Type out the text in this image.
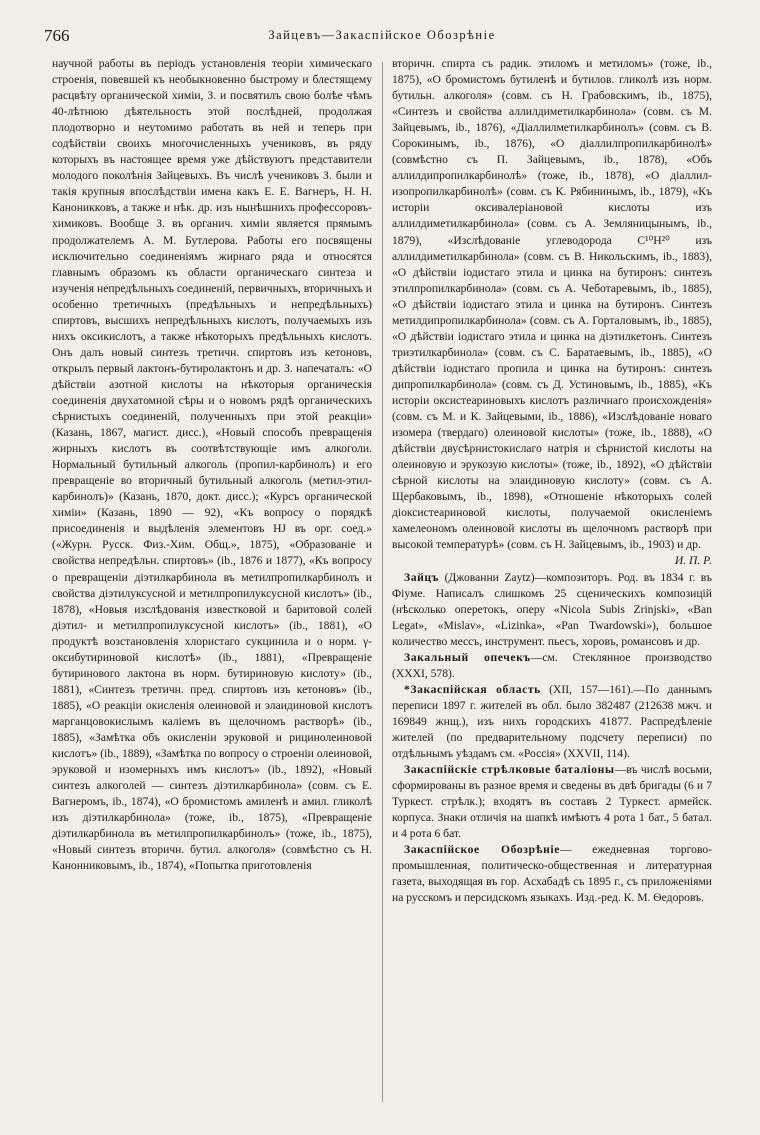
766	Зайцевъ—Закаспійское Обозрѣніе

научной работы въ періодъ установленія теоріи химическаго строенія, повевшей къ необыкновенно быстрому и блестящему расцвѣту органической химіи, З. и посвятилъ свою болѣе чѣмъ 40-лѣтнюю дѣятельность этой послѣдней, продолжая плодотворно и неутомимо работать въ ней и теперь при содѣйствіи своихъ многочисленныхъ учениковъ, въ ряду которыхъ въ настоящее время уже дѣйствуютъ представители молодого поколѣнія Зайцевыхъ. Въ числѣ учениковъ З. были и такія крупныя впослѣдствіи имена какъ Е. Е. Вагнеръ, Н. Н. Каноникковъ, а также и нѣк. др. изъ нынѣшнихъ профессоровъ-химиковъ. Вообще З. въ органич. химіи является прямымъ продолжателемъ А. М. Бутлерова. Работы его посвящены исключительно соединеніямъ жирнаго ряда и относятся главнымъ образомъ къ области органическаго синтеза и изученія непредѣльныхъ соединеній, первичныхъ, вторичныхъ и особенно третичныхъ (предѣльныхъ и непредѣльныхъ) спиртовъ, высшихъ непредѣльныхъ кислотъ, получаемыхъ изъ нихъ оксикислотъ, а также нѣкоторыхъ предѣльныхъ кислотъ. Онъ далъ новый синтезъ третичн. спиртовъ изъ кетоновъ, открылъ первый лактонъ-бутиролактонъ и др. З. напечаталъ: «О дѣйствіи азотной кислоты на нѣкоторыя органическія соединенія двухатомной сѣры и о новомъ рядѣ органическихъ сѣрнистыхъ соединеній, полученныхъ при этой реакціи» (Казань, 1867, магист. дисс.), «Новый способъ превращенія жирныхъ кислотъ въ соотвѣтствующіе имъ алкоголи. Нормальный бутильный алкоголь (пропил-карбинолъ) и его превращеніе во вторичный бутильный алкоголь (метил-этил-карбинолъ)» (Казань, 1870, докт. дисс.); «Курсъ органической химіи» (Казань, 1890 — 92), «Къ вопросу о порядкѣ присоединенія и выдѣленія элементовъ HJ въ орг. соед.» («Журн. Русск. Физ.-Хим. Общ.», 1875), «Образованіе и свойства непредѣльн. спиртовъ» (ib., 1876 и 1877), «Къ вопросу о превращеніи діэтилкарбинола въ метилпропилкарбинолъ и свойства діэтилуксусной и метилпропилуксусной кислотъ» (ib., 1878), «Новыя изслѣдованія известковой и баритовой солей діэтил- и метилпропилуксусной кислотъ» (ib., 1881), «О продуктѣ возстановленія хлористаго сукцинила и о норм. γ-оксибутириновой кислотѣ» (ib., 1881), «Превращеніе бутиринового лактона въ норм. бутириновую кислоту» (ib., 1881), «Синтезъ третичн. пред. спиртовъ изъ кетоновъ» (ib., 1885), «О реакціи окисленія олеиновой и элаидиновой кислотъ марганцовокислымъ каліемъ въ щелочномъ растворѣ» (ib., 1885), «Замѣтка объ окисленіи эруковой и рицинолеиновой кислотъ» (ib., 1889), «Замѣтка по вопросу о строеніи олеиновой, эруковой и изомерныхъ имъ кислотъ» (ib., 1892), «Новый синтезъ алкоголей — синтезъ діэтилкарбинола» (совм. съ Е. Вагнеромъ, ib., 1874), «О бромистомъ амиленѣ и амил. гликолѣ изъ діэтилкарбинола» (тоже, ib., 1875), «Превращеніе діэтилкарбинола въ метилпропилкарбинолъ» (тоже, ib., 1875), «Новый синтезъ вторичн. бутил. алкоголя» (совмѣстно съ Н. Канонниковымъ, ib., 1874), «Попытка приготовленія

вторичн. спирта съ радик. этиломъ и метиломъ» (тоже, ib., 1875), «О бромистомъ бутиленѣ и бутилов. гликолѣ изъ норм. бутильн. алкоголя» (совм. съ Н. Грабовскимъ, ib., 1875), «Синтезъ и свойства аллилдиметилкарбинола» (совм. съ М. Зайцевымъ, ib., 1876), «Діаллилметилкарбинолъ» (совм. съ В. Сорокинымъ, ib., 1876), «О діаллилпропилкарбинолѣ» (совмѣстно съ П. Зайцевымъ, ib., 1878), «Объ аллилдипропилкарбинолѣ» (тоже, ib., 1878), «О діаллил-изопропилкарбинолѣ» (совм. съ К. Рябининымъ, ib., 1879), «Къ исторіи оксивалеріановой кислоты изъ аллилдиметилкарбинола» (совм. съ А. Земляницынымъ, ib., 1879), «Изслѣдованіе углеводорода C¹⁰H²⁰ изъ аллилдиметилкарбинола» (совм. съ В. Никольскимъ, ib., 1883), «О дѣйствіи іодистаго этила и цинка на бутиронъ: синтезъ этилпропилкарбинола» (совм. съ А. Чеботаревымъ, ib., 1885), «О дѣйствіи іодистаго этила и цинка на бутиронъ. Синтезъ метилдипропилкарбинола» (совм. съ А. Горталовымъ, ib., 1885), «О дѣйствіи іодистаго этила и цинка на діэтилкетонъ. Синтезъ триэтилкарбинола» (совм. съ С. Баратаевымъ, ib., 1885), «О дѣйствіи іодистаго пропила и цинка на бутиронъ: синтезъ дипропилкарбинола» (совм. съ Д. Устиновымъ, ib., 1885), «Къ исторіи оксистеариновыхъ кислотъ различнаго происхожденія» (совм. съ М. и К. Зайцевыми, ib., 1886), «Изслѣдованіе новаго изомера (твердаго) олеиновой кислоты» (тоже, ib., 1888), «О дѣйствіи двусѣрнистокислаго натрія и сѣрнистой кислоты на олеиновую и эрукозую кислоты» (тоже, ib., 1892), «О дѣйствіи сѣрной кислоты на элаидиновую кислоту» (совм. съ А. Щербаковымъ, ib., 1898), «Отношеніе нѣкоторыхъ солей діоксистеариновой кислоты, получаемой окисленіемъ хамелеономъ олеиновой кислоты въ щелочномъ растворѣ при высокой температурѣ» (совм. съ Н. Зайцевымъ, ib., 1903) и др.
И. П. Р.

Зайцъ (Джованни Zaytz)—композиторъ. Род. въ 1834 г. въ Фіуме. Написалъ слишкомъ 25 сценическихъ композицій (нѣсколько оперетокъ, оперу «Nicola Subis Zrinjski», «Ban Legat», «Mislav», «Lizinka», «Pan Twardowski»), большое количество мессъ, инструмент. пьесъ, хоровъ, романсовъ и др.

Закальный опечекъ—см. Стеклянное производство (XXXI, 578).

*Закаспійская область (XII, 157—161).—По даннымъ переписи 1897 г. жителей въ обл. было 382487 (212638 мжч. и 169849 жнщ.), изъ нихъ городскихъ 41877. Распредѣленіе жителей (по предварительному подсчету переписи) по отдѣльнымъ уѣздамъ см. «Россія» (XXVII, 114).

Закаспійскіе стрѣлковые баталіоны—въ числѣ восьми, сформированы въ разное время и сведены въ двѣ бригады (6 и 7 Туркест. стрѣлк.); входятъ въ составъ 2 Туркест. армейск. корпуса. Знаки отличія на шапкѣ имѣютъ 4 рота 1 бат., 5 батал. и 4 рота 6 бат.

Закаспійское Обозрѣніе— ежедневная торгово-промышленная, политическо-общественная и литературная газета, выходящая въ гор. Асхабадѣ съ 1895 г., съ приложеніями на русскомъ и персидскомъ языкахъ. Изд.-ред. К. М. Ѳедоровъ.
